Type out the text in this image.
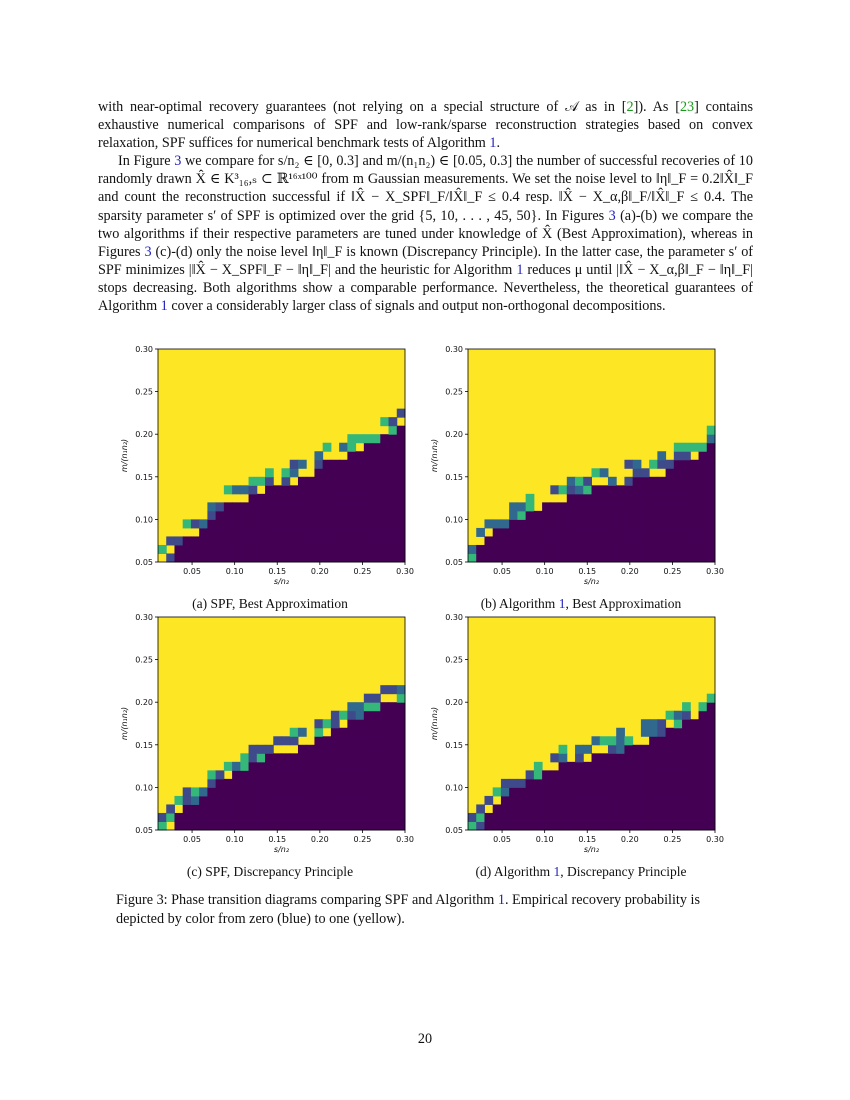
with near-optimal recovery guarantees (not relying on a special structure of 𝒜 as in [2]). As [23] contains exhaustive numerical comparisons of SPF and low-rank/sparse reconstruction strategies based on convex relaxation, SPF suffices for numerical benchmark tests of Algorithm 1.

In Figure 3 we compare for s/n₂ ∈ [0, 0.3] and m/(n₁n₂) ∈ [0.05, 0.3] the number of successful recoveries of 10 randomly drawn X̂ ∈ K³₁₆,ₛ ⊂ ℝ¹⁶ˣ¹⁰⁰ from m Gaussian measurements. We set the noise level to ‖η‖_F = 0.2‖X̂‖_F and count the reconstruction successful if ‖X̂ − X_SPF‖_F/‖X̂‖_F ≤ 0.4 resp. ‖X̂ − X_α,β‖_F/‖X̂‖_F ≤ 0.4. The sparsity parameter s′ of SPF is optimized over the grid {5, 10, . . . , 45, 50}. In Figures 3 (a)-(b) we compare the two algorithms if their respective parameters are tuned under knowledge of X̂ (Best Approximation), whereas in Figures 3 (c)-(d) only the noise level ‖η‖_F is known (Discrepancy Principle). In the latter case, the parameter s′ of SPF minimizes |‖X̂ − X_SPF‖_F − ‖η‖_F| and the heuristic for Algorithm 1 reduces μ until |‖X̂ − X_α,β‖_F − ‖η‖_F| stops decreasing. Both algorithms show a comparable performance. Nevertheless, the theoretical guarantees of Algorithm 1 cover a considerably larger class of signals and output non-orthogonal decompositions.

0.05	0.10	0.15	0.20	0.25	0.30
0.05
0.10
0.15
0.20
0.25
0.30
s/n₂
m/(n₁n₂)
0.05	0.10	0.15	0.20	0.25	0.30
0.05
0.10
0.15
0.20
0.25
0.30
s/n₂
m/(n₁n₂)
0.05	0.10	0.15	0.20	0.25	0.30
0.05
0.10
0.15
0.20
0.25
0.30
s/n₂
m/(n₁n₂)
0.05	0.10	0.15	0.20	0.25	0.30
0.05
0.10
0.15
0.20
0.25
0.30
s/n₂
m/(n₁n₂)
(a) SPF, Best Approximation	(b) Algorithm 1, Best Approximation
(c) SPF, Discrepancy Principle	(d) Algorithm 1, Discrepancy Principle
Figure 3: Phase transition diagrams comparing SPF and Algorithm 1. Empirical recovery probability is depicted by color from zero (blue) to one (yellow).
20
